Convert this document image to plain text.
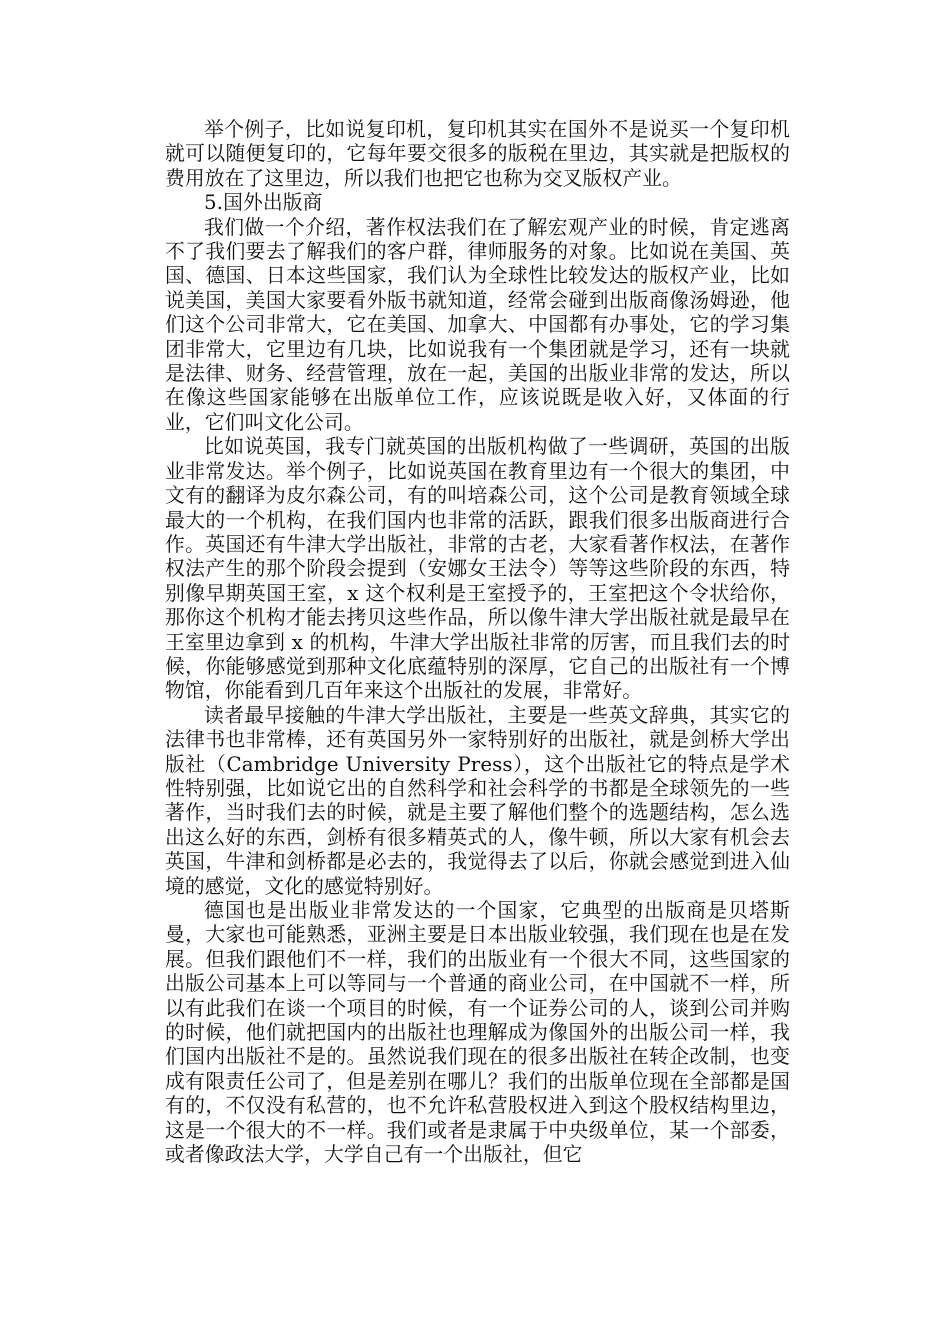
举个例子，比如说复印机，复印机其实在国外不是说买一个复印机就可以随便复印的，它每年要交很多的版税在里边，其实就是把版权的费用放在了这里边，所以我们也把它也称为交叉版权产业。

5.国外出版商

我们做一个介绍，著作权法我们在了解宏观产业的时候，肯定逃离不了我们要去了解我们的客户群，律师服务的对象。比如说在美国、英国、德国、日本这些国家，我们认为全球性比较发达的版权产业，比如说美国，美国大家要看外版书就知道，经常会碰到出版商像汤姆逊，他们这个公司非常大，它在美国、加拿大、中国都有办事处，它的学习集团非常大，它里边有几块，比如说我有一个集团就是学习，还有一块就是法律、财务、经营管理，放在一起，美国的出版业非常的发达，所以在像这些国家能够在出版单位工作，应该说既是收入好，又体面的行业，它们叫文化公司。

比如说英国，我专门就英国的出版机构做了一些调研，英国的出版业非常发达。举个例子，比如说英国在教育里边有一个很大的集团，中文有的翻译为皮尔森公司，有的叫培森公司，这个公司是教育领域全球最大的一个机构，在我们国内也非常的活跃，跟我们很多出版商进行合作。英国还有牛津大学出版社，非常的古老，大家看著作权法，在著作权法产生的那个阶段会提到（安娜女王法令）等等这些阶段的东西，特别像早期英国王室，x 这个权利是王室授予的，王室把这个令状给你，那你这个机构才能去拷贝这些作品，所以像牛津大学出版社就是最早在王室里边拿到 x 的机构，牛津大学出版社非常的厉害，而且我们去的时候，你能够感觉到那种文化底蕴特别的深厚，它自己的出版社有一个博物馆，你能看到几百年来这个出版社的发展，非常好。

读者最早接触的牛津大学出版社，主要是一些英文辞典，其实它的法律书也非常棒，还有英国另外一家特别好的出版社，就是剑桥大学出版社（Cambridge University Press），这个出版社它的特点是学术性特别强，比如说它出的自然科学和社会科学的书都是全球领先的一些著作，当时我们去的时候，就是主要了解他们整个的选题结构，怎么选出这么好的东西，剑桥有很多精英式的人，像牛顿，所以大家有机会去英国，牛津和剑桥都是必去的，我觉得去了以后，你就会感觉到进入仙境的感觉，文化的感觉特别好。

德国也是出版业非常发达的一个国家，它典型的出版商是贝塔斯曼，大家也可能熟悉，亚洲主要是日本出版业较强，我们现在也是在发展。但我们跟他们不一样，我们的出版业有一个很大不同，这些国家的出版公司基本上可以等同与一个普通的商业公司，在中国就不一样，所以有此我们在谈一个项目的时候，有一个证券公司的人，谈到公司并购的时候，他们就把国内的出版社也理解成为像国外的出版公司一样，我们国内出版社不是的。虽然说我们现在的很多出版社在转企改制，也变成有限责任公司了，但是差别在哪儿？我们的出版单位现在全部都是国有的，不仅没有私营的，也不允许私营股权进入到这个股权结构里边，这是一个很大的不一样。我们或者是隶属于中央级单位，某一个部委，或者像政法大学，大学自己有一个出版社，但它
